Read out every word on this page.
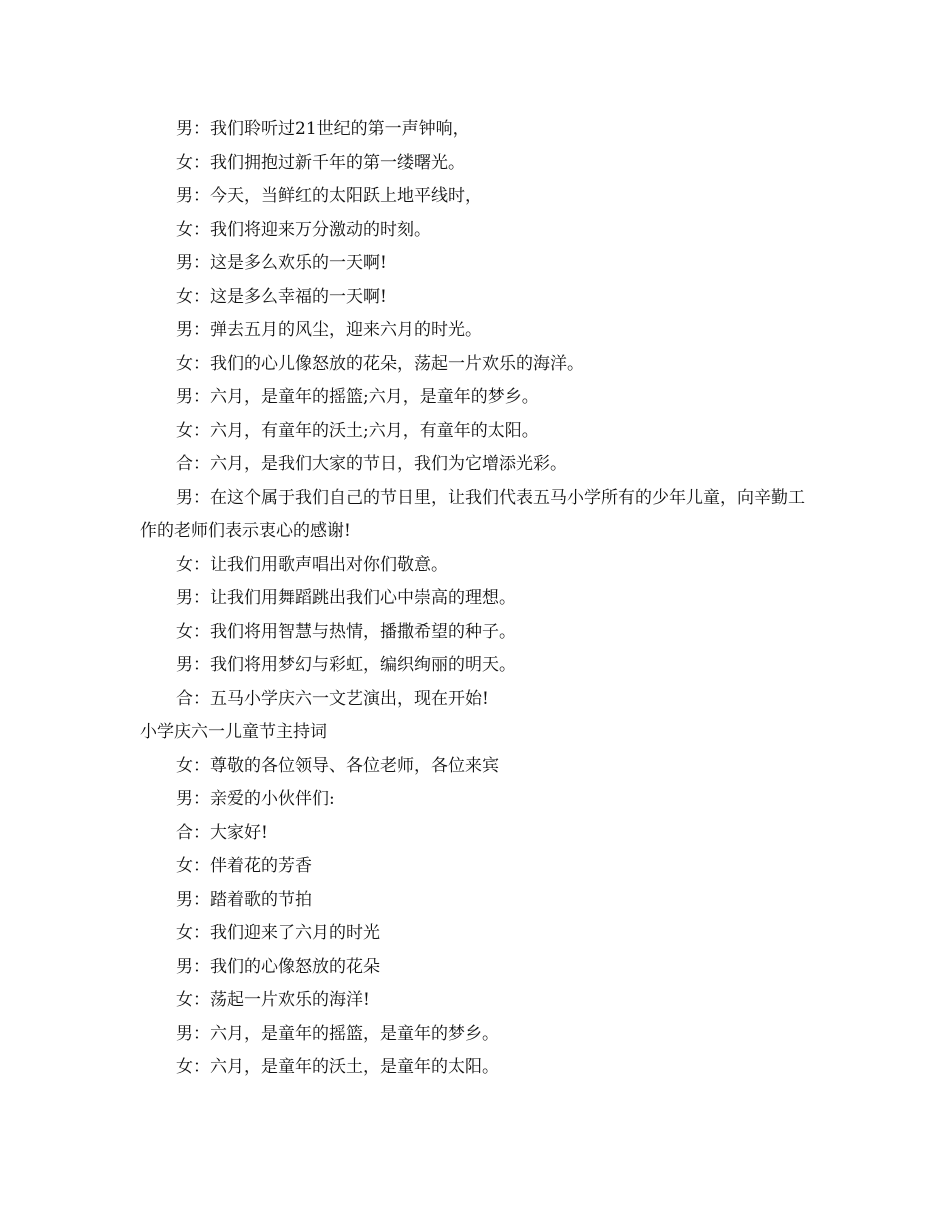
男：我们聆听过21世纪的第一声钟响，
女：我们拥抱过新千年的第一缕曙光。
男：今天，当鲜红的太阳跃上地平线时，
女：我们将迎来万分激动的时刻。
男：这是多么欢乐的一天啊!
女：这是多么幸福的一天啊!
男：弹去五月的风尘，迎来六月的时光。
女：我们的心儿像怒放的花朵，荡起一片欢乐的海洋。
男：六月，是童年的摇篮;六月，是童年的梦乡。
女：六月，有童年的沃土;六月，有童年的太阳。
合：六月，是我们大家的节日，我们为它增添光彩。
男：在这个属于我们自己的节日里，让我们代表五马小学所有的少年儿童，向辛勤工作的老师们表示衷心的感谢!
女：让我们用歌声唱出对你们敬意。
男：让我们用舞蹈跳出我们心中崇高的理想。
女：我们将用智慧与热情，播撒希望的种子。
男：我们将用梦幻与彩虹，编织绚丽的明天。
合：五马小学庆六一文艺演出，现在开始!
小学庆六一儿童节主持词
女：尊敬的各位领导、各位老师，各位来宾
男：亲爱的小伙伴们:
合：大家好!
女：伴着花的芳香
男：踏着歌的节拍
女：我们迎来了六月的时光
男：我们的心像怒放的花朵
女：荡起一片欢乐的海洋!
男：六月，是童年的摇篮，是童年的梦乡。
女：六月，是童年的沃土，是童年的太阳。
